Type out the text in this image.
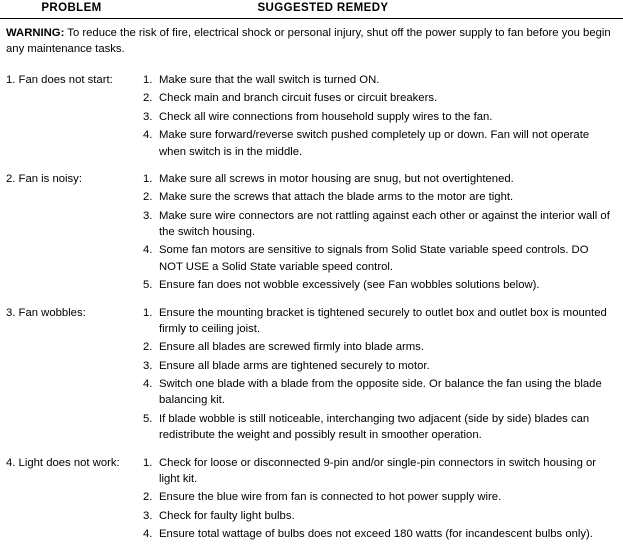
PROBLEM	SUGGESTED REMEDY
WARNING: To reduce the risk of fire, electrical shock or personal injury, shut off the power supply to fan before you begin any maintenance tasks.
1. Fan does not start:	Make sure that the wall switch is turned ON.
Check main and branch circuit fuses or circuit breakers.
Check all wire connections from household supply wires to the fan.
Make sure forward/reverse switch pushed completely up or down. Fan will not operate when switch is in the middle.
2. Fan is noisy:	Make sure all screws in motor housing are snug, but not overtightened.
Make sure the screws that attach the blade arms to the motor are tight.
Make sure wire connectors are not rattling against each other or against the interior wall of the switch housing.
Some fan motors are sensitive to signals from Solid State variable speed controls. DO NOT USE a Solid State variable speed control.
Ensure fan does not wobble excessively (see Fan wobbles solutions below).
3. Fan wobbles:	Ensure the mounting bracket is tightened securely to outlet box and outlet box is mounted firmly to ceiling joist.
Ensure all blades are screwed firmly into blade arms.
Ensure all blade arms are tightened securely to motor.
Switch one blade with a blade from the opposite side. Or balance the fan using the blade balancing kit.
If blade wobble is still noticeable, interchanging two adjacent (side by side) blades can redistribute the weight and possibly result in smoother operation.
4. Light does not work:	Check for loose or disconnected 9-pin and/or single-pin connectors in switch housing or light kit.
Ensure the blue wire from fan is connected to hot power supply wire.
Check for faulty light bulbs.
Ensure total wattage of bulbs does not exceed 180 watts (for incandescent bulbs only).
